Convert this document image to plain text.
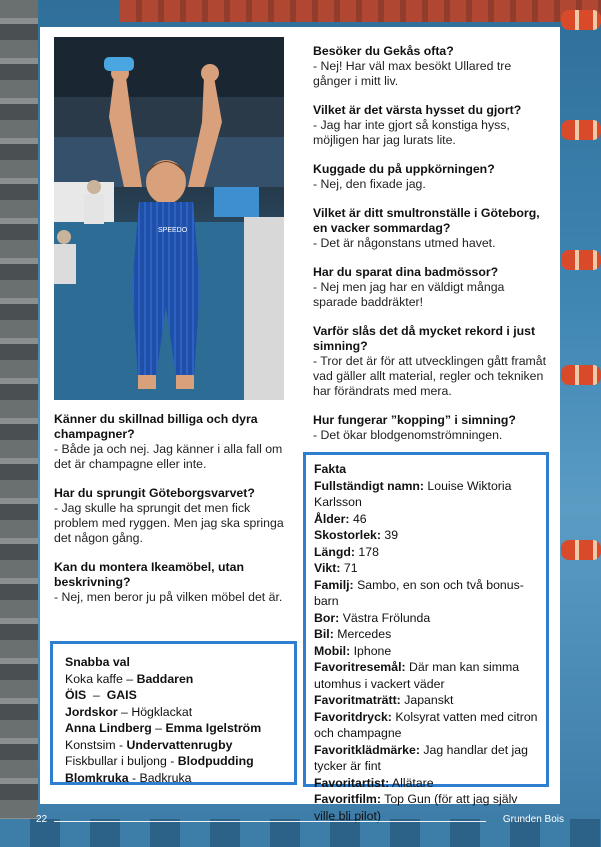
SPEEDO
Besöker du Gekås ofta?
- Nej! Har väl max besökt Ullared tre gånger i mitt liv.
Vilket är det värsta hysset du gjort?
- Jag har inte gjort så konstiga hyss, möjligen har jag lurats lite.
Kuggade du på uppkörningen?
- Nej, den fixade jag.
Vilket är ditt smultronställe i Göteborg, en vacker sommardag?
- Det är någonstans utmed havet.
Har du sparat dina badmössor?
- Nej men jag har en väldigt många sparade baddräkter!
Varför slås det då mycket rekord i just simning?
- Tror det är för att utvecklingen gått framåt vad gäller allt material, regler och tekniken har förändrats med mera.
Hur fungerar ”kopping” i simning?
- Det ökar blodgenomströmningen.
Känner du skillnad billiga och dyra champagner?
- Både ja och nej. Jag känner i alla fall om det är champagne eller inte.
Har du sprungit Göteborgsvarvet?
- Jag skulle ha sprungit det men fick problem med ryggen. Men jag ska springa det någon gång.
Kan du montera Ikeamöbel, utan beskrivning?
- Nej, men beror ju på vilken möbel det är.
Snabba val
Koka kaffe – Baddaren
ÖIS  –  GAIS
Jordskor – Högklackat
Anna Lindberg – Emma Igelström
Konstsim - Undervattenrugby
Fiskbullar i buljong - Blodpudding
Blomkruka - Badkruka
Fakta
Fullständigt namn: Louise Wiktoria Karlsson
Ålder: 46
Skostorlek: 39
Längd: 178
Vikt: 71
Familj: Sambo, en son och två bonus-barn
Bor: Västra Frölunda
Bil: Mercedes
Mobil: Iphone
Favoritresemål: Där man kan simma utomhus i vackert väder
Favoritmaträtt: Japanskt
Favoritdryck: Kolsyrat vatten med citron och champagne
Favoritklädmärke: Jag handlar det jag tycker är fint
Favoritartist: Allätare
Favoritfilm: Top Gun (för att jag själv ville bli pilot)
22	Grunden Bois
